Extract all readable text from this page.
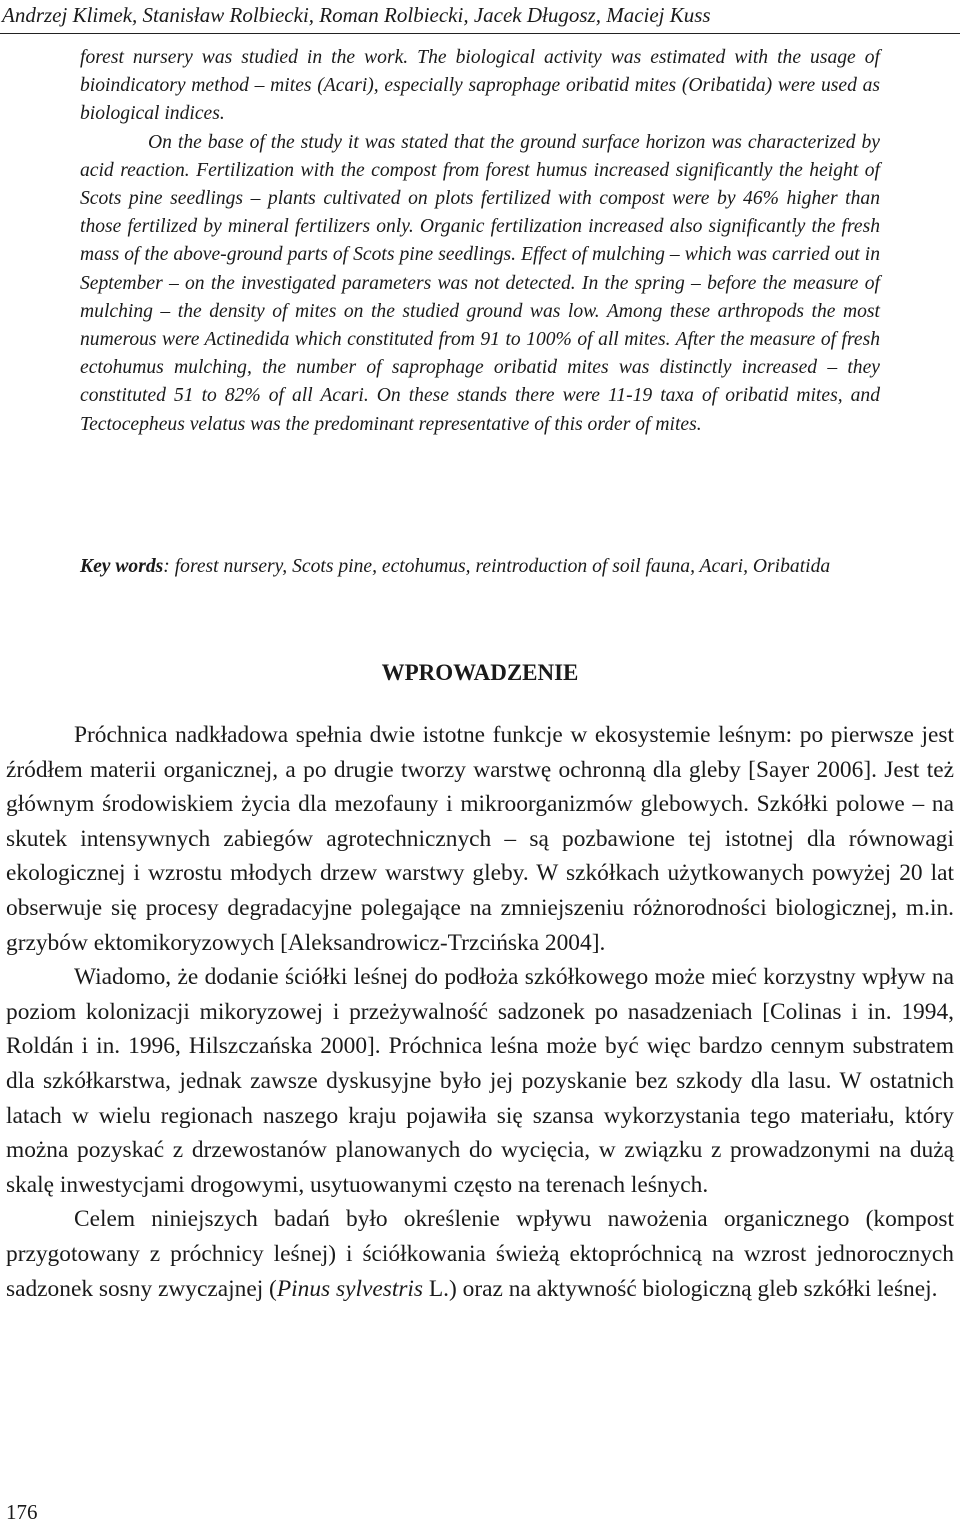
Andrzej Klimek, Stanisław Rolbiecki, Roman Rolbiecki, Jacek Długosz, Maciej Kuss

forest nursery was studied in the work. The biological activity was estimated with the usage of bioindicatory method – mites (Acari), especially saprophage oribatid mites (Oribatida) were used as biological indices.

On the base of the study it was stated that the ground surface horizon was characterized by acid reaction. Fertilization with the compost from forest humus increased significantly the height of Scots pine seedlings – plants cultivated on plots fertilized with compost were by 46% higher than those fertilized by mineral fertilizers only. Organic fertilization increased also significantly the fresh mass of the above-ground parts of Scots pine seedlings. Effect of mulching – which was carried out in September – on the investigated parameters was not detected. In the spring – before the measure of mulching – the density of mites on the studied ground was low. Among these arthropods the most numerous were Actinedida which constituted from 91 to 100% of all mites. After the measure of fresh ectohumus mulching, the number of saprophage oribatid mites was distinctly increased – they constituted 51 to 82% of all Acari. On these stands there were 11-19 taxa of oribatid mites, and Tectocepheus velatus was the predominant representative of this order of mites.

Key words: forest nursery, Scots pine, ectohumus, reintroduction of soil fauna, Acari, Oribatida

WPROWADZENIE

Próchnica nadkładowa spełnia dwie istotne funkcje w ekosystemie leśnym: po pierwsze jest źródłem materii organicznej, a po drugie tworzy warstwę ochronną dla gleby [Sayer 2006]. Jest też głównym środowiskiem życia dla mezofauny i mikroorganizmów glebowych. Szkółki polowe – na skutek intensywnych zabiegów agrotechnicznych – są pozbawione tej istotnej dla równowagi ekologicznej i wzrostu młodych drzew warstwy gleby. W szkółkach użytkowanych powyżej 20 lat obserwuje się procesy degradacyjne polegające na zmniejszeniu różnorodności biologicznej, m.in. grzybów ektomikoryzowych [Aleksandrowicz-Trzcińska 2004].

Wiadomo, że dodanie ściółki leśnej do podłoża szkółkowego może mieć korzystny wpływ na poziom kolonizacji mikoryzowej i przeżywalność sadzonek po nasadzeniach [Colinas i in. 1994, Roldán i in. 1996, Hilszczańska 2000]. Próchnica leśna może być więc bardzo cennym substratem dla szkółkarstwa, jednak zawsze dyskusyjne było jej pozyskanie bez szkody dla lasu. W ostatnich latach w wielu regionach naszego kraju pojawiła się szansa wykorzystania tego materiału, który można pozyskać z drzewostanów planowanych do wycięcia, w związku z prowadzonymi na dużą skalę inwestycjami drogowymi, usytuowanymi często na terenach leśnych.

Celem niniejszych badań było określenie wpływu nawożenia organicznego (kompost przygotowany z próchnicy leśnej) i ściółkowania świeżą ektopróchnicą na wzrost jednorocznych sadzonek sosny zwyczajnej (Pinus sylvestris L.) oraz na aktywność biologiczną gleb szkółki leśnej.

176
